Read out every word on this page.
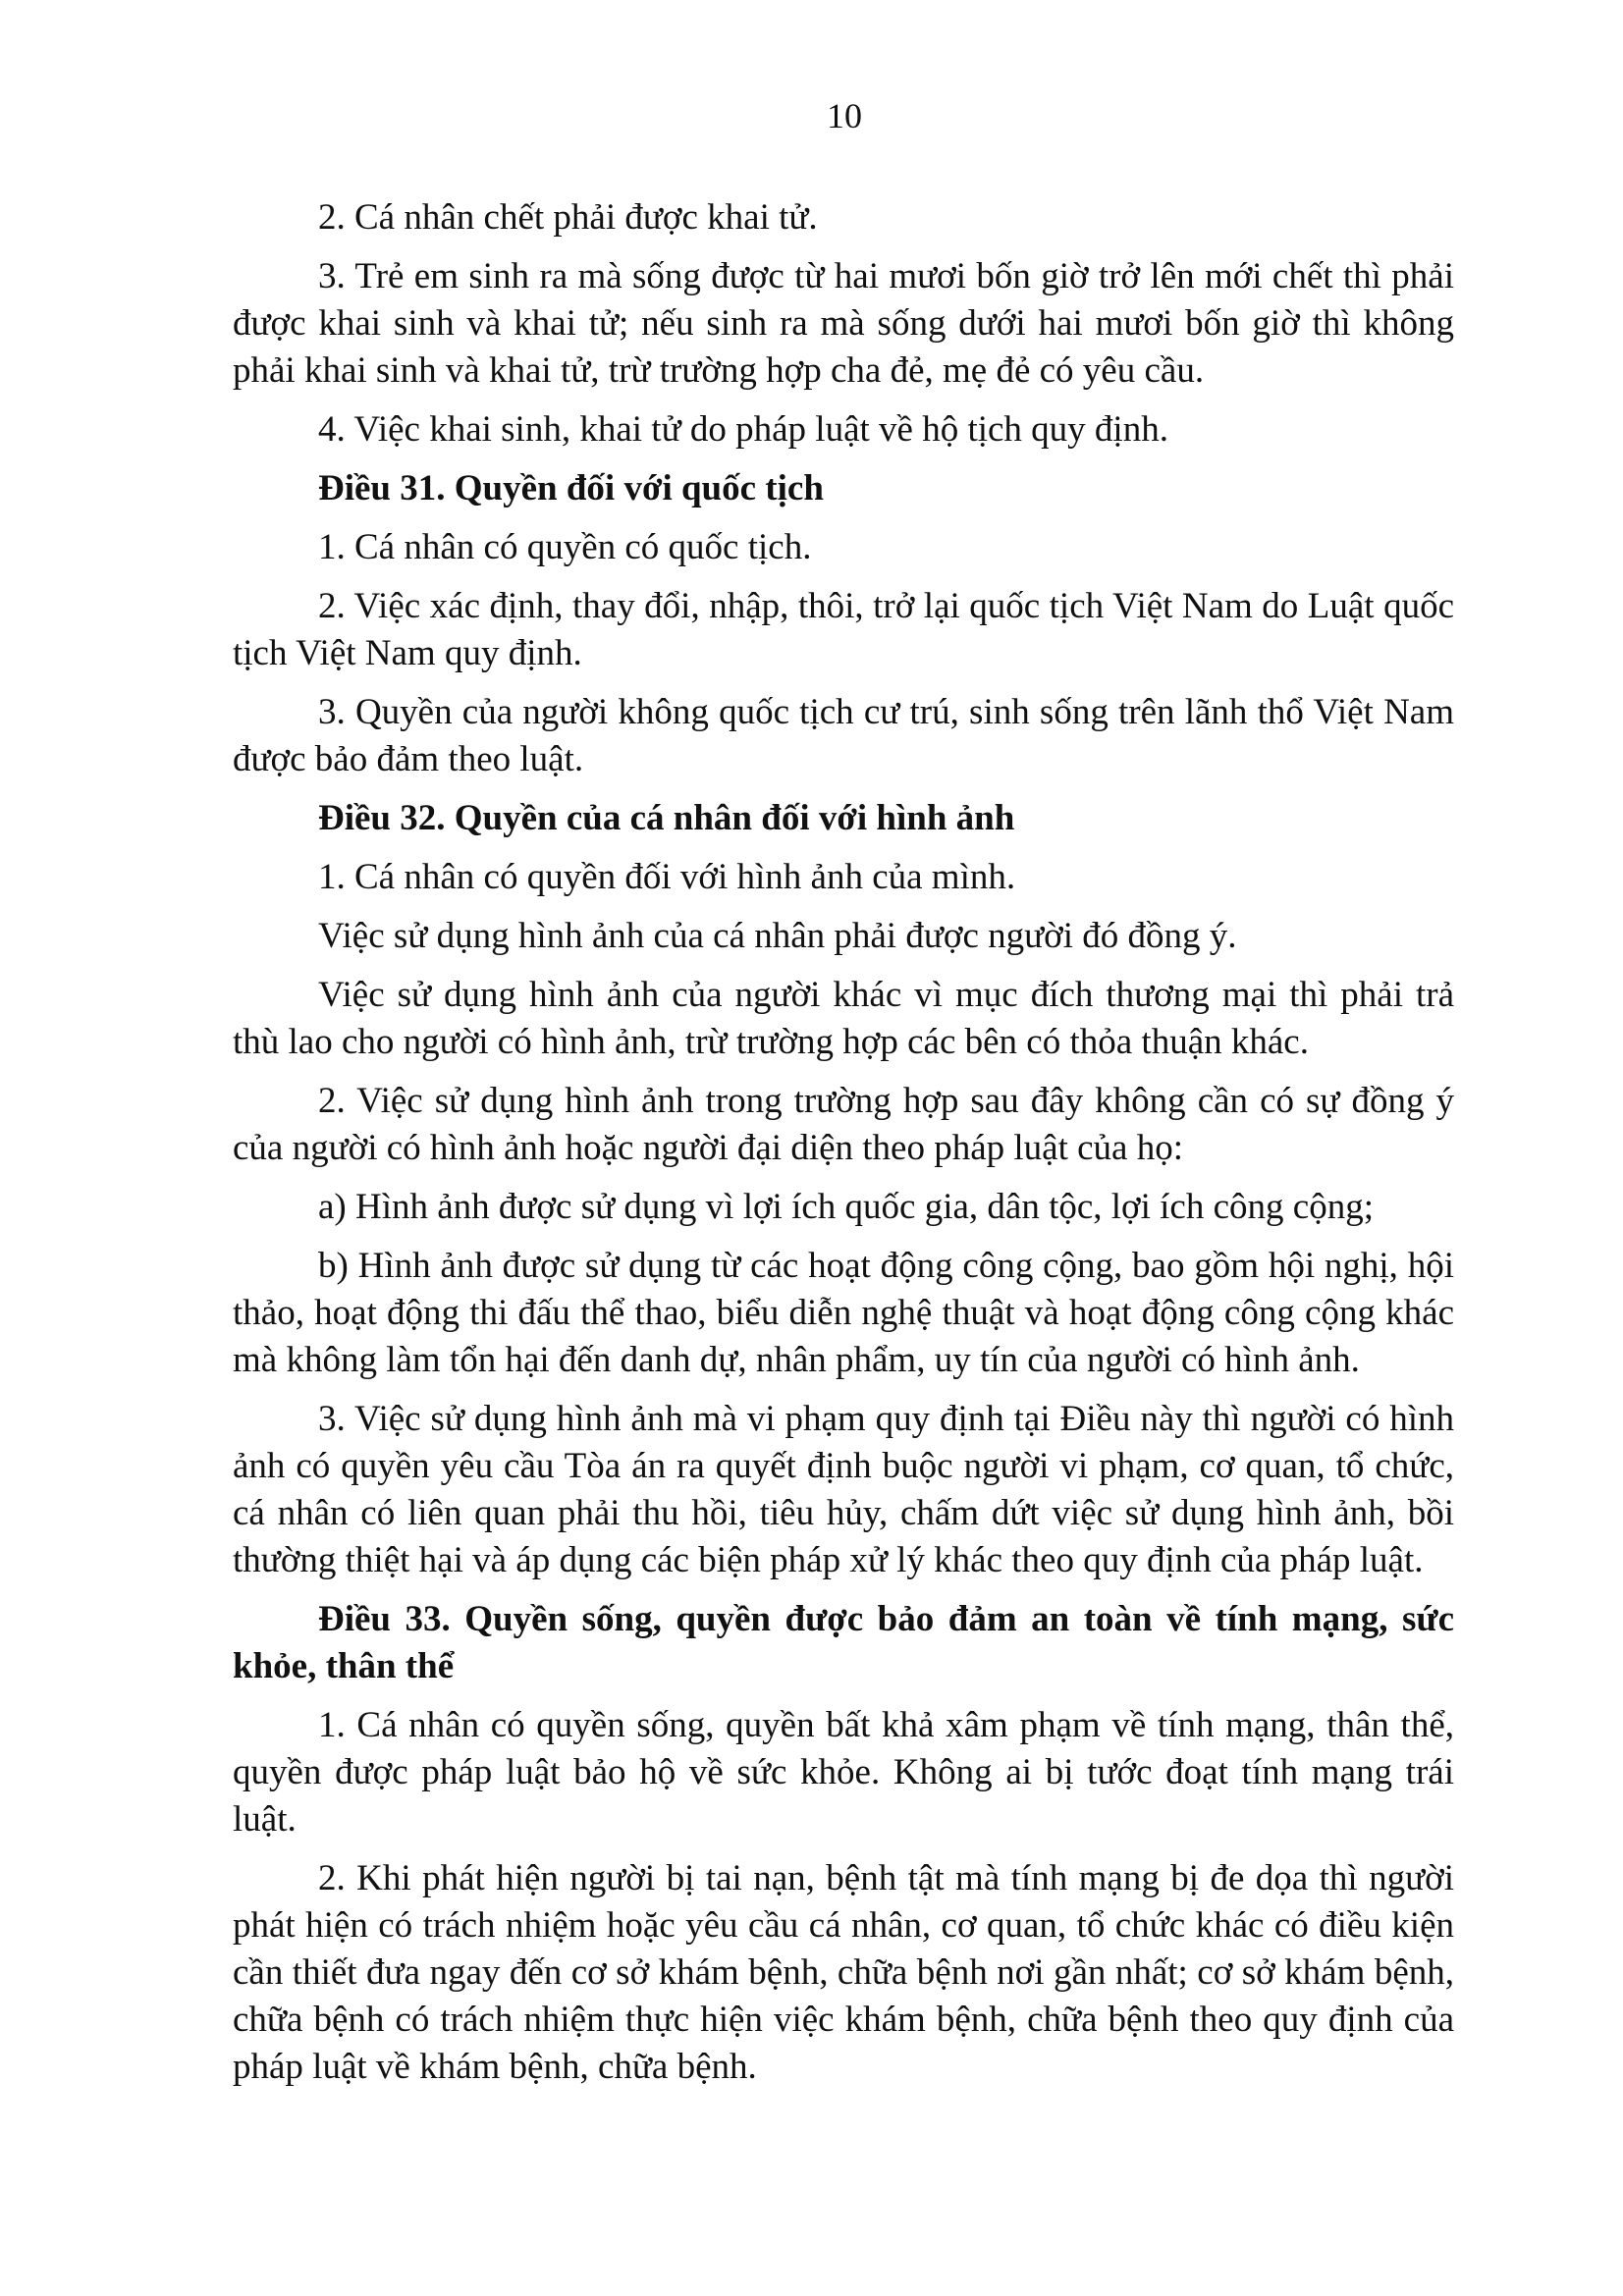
10

2. Cá nhân chết phải được khai tử.

3. Trẻ em sinh ra mà sống được từ hai mươi bốn giờ trở lên mới chết thì phải được khai sinh và khai tử; nếu sinh ra mà sống dưới hai mươi bốn giờ thì không phải khai sinh và khai tử, trừ trường hợp cha đẻ, mẹ đẻ có yêu cầu.

4. Việc khai sinh, khai tử do pháp luật về hộ tịch quy định.

Điều 31. Quyền đối với quốc tịch

1. Cá nhân có quyền có quốc tịch.

2. Việc xác định, thay đổi, nhập, thôi, trở lại quốc tịch Việt Nam do Luật quốc tịch Việt Nam quy định.

3. Quyền của người không quốc tịch cư trú, sinh sống trên lãnh thổ Việt Nam được bảo đảm theo luật.

Điều 32. Quyền của cá nhân đối với hình ảnh

1. Cá nhân có quyền đối với hình ảnh của mình.

Việc sử dụng hình ảnh của cá nhân phải được người đó đồng ý.

Việc sử dụng hình ảnh của người khác vì mục đích thương mại thì phải trả thù lao cho người có hình ảnh, trừ trường hợp các bên có thỏa thuận khác.

2. Việc sử dụng hình ảnh trong trường hợp sau đây không cần có sự đồng ý của người có hình ảnh hoặc người đại diện theo pháp luật của họ:

a) Hình ảnh được sử dụng vì lợi ích quốc gia, dân tộc, lợi ích công cộng;

b) Hình ảnh được sử dụng từ các hoạt động công cộng, bao gồm hội nghị, hội thảo, hoạt động thi đấu thể thao, biểu diễn nghệ thuật và hoạt động công cộng khác mà không làm tổn hại đến danh dự, nhân phẩm, uy tín của người có hình ảnh.

3. Việc sử dụng hình ảnh mà vi phạm quy định tại Điều này thì người có hình ảnh có quyền yêu cầu Tòa án ra quyết định buộc người vi phạm, cơ quan, tổ chức, cá nhân có liên quan phải thu hồi, tiêu hủy, chấm dứt việc sử dụng hình ảnh, bồi thường thiệt hại và áp dụng các biện pháp xử lý khác theo quy định của pháp luật.

Điều 33. Quyền sống, quyền được bảo đảm an toàn về tính mạng, sức khỏe, thân thể

1. Cá nhân có quyền sống, quyền bất khả xâm phạm về tính mạng, thân thể, quyền được pháp luật bảo hộ về sức khỏe. Không ai bị tước đoạt tính mạng trái luật.

2. Khi phát hiện người bị tai nạn, bệnh tật mà tính mạng bị đe dọa thì người phát hiện có trách nhiệm hoặc yêu cầu cá nhân, cơ quan, tổ chức khác có điều kiện cần thiết đưa ngay đến cơ sở khám bệnh, chữa bệnh nơi gần nhất; cơ sở khám bệnh, chữa bệnh có trách nhiệm thực hiện việc khám bệnh, chữa bệnh theo quy định của pháp luật về khám bệnh, chữa bệnh.
